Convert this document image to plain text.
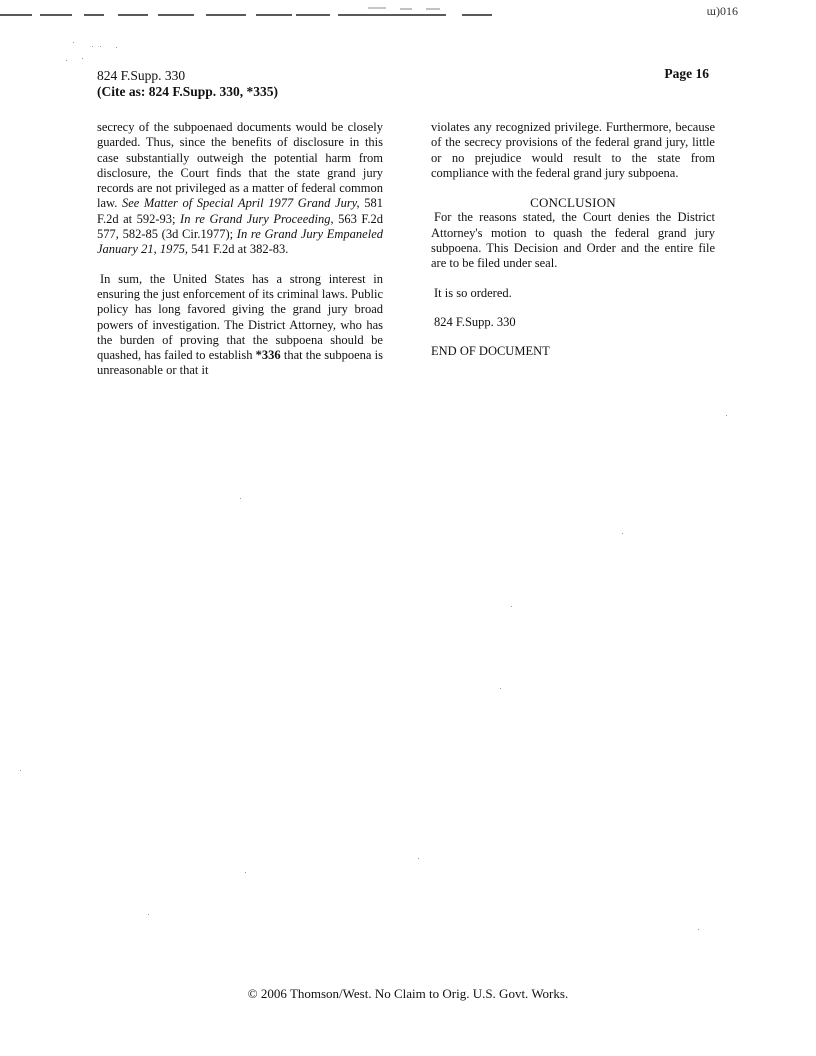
ɯ)016
824 F.Supp. 330
(Cite as: 824 F.Supp. 330, *335)
Page 16

secrecy of the subpoenaed documents would be closely guarded. Thus, since the benefits of disclosure in this case substantially outweigh the potential harm from disclosure, the Court finds that the state grand jury records are not privileged as a matter of federal common law. See Matter of Special April 1977 Grand Jury, 581 F.2d at 592-93; In re Grand Jury Proceeding, 563 F.2d 577, 582-85 (3d Cir.1977); In re Grand Jury Empaneled January 21, 1975, 541 F.2d at 382-83.

In sum, the United States has a strong interest in ensuring the just enforcement of its criminal laws. Public policy has long favored giving the grand jury broad powers of investigation. The District Attorney, who has the burden of proving that the subpoena should be quashed, has failed to establish *336 that the subpoena is unreasonable or that it

violates any recognized privilege. Furthermore, because of the secrecy provisions of the federal grand jury, little or no prejudice would result to the state from compliance with the federal grand jury subpoena.

CONCLUSION

For the reasons stated, the Court denies the District Attorney's motion to quash the federal grand jury subpoena. This Decision and Order and the entire file are to be filed under seal.

It is so ordered.
824 F.Supp. 330
END OF DOCUMENT
© 2006 Thomson/West. No Claim to Orig. U.S. Govt. Works.
